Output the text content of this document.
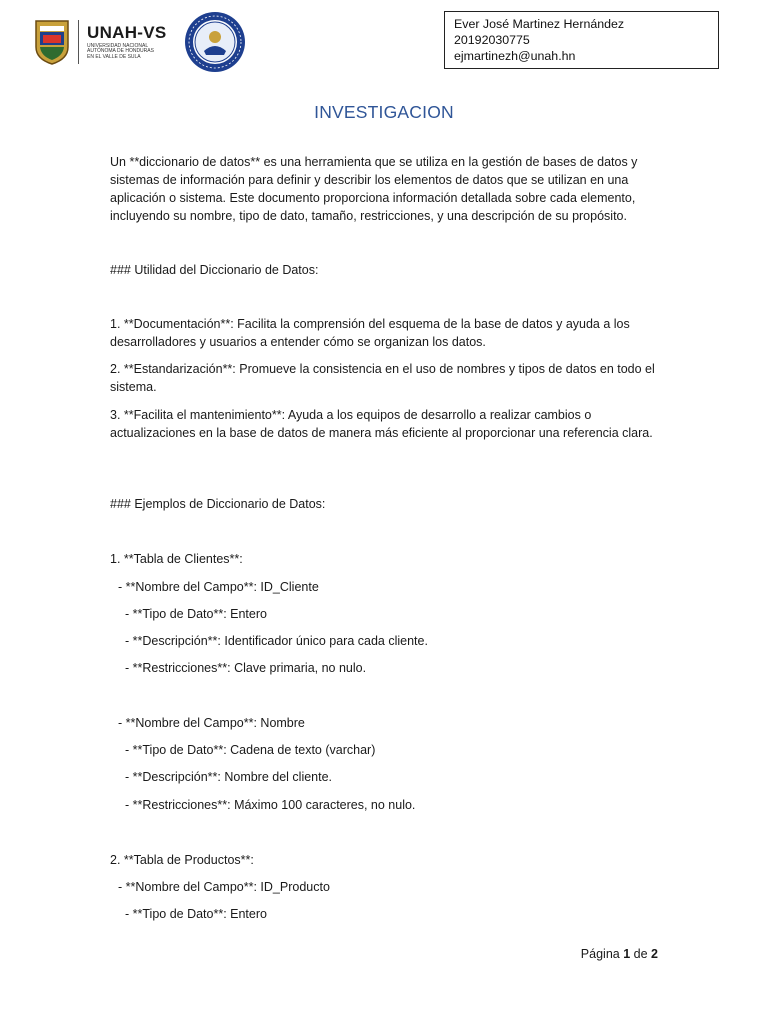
UNAH-VS
UNIVERSIDAD NACIONAL AUTÓNOMA DE HONDURAS EN EL VALLE DE SULA
Ever José Martinez Hernández
20192030775
ejmartinezh@unah.hn
INVESTIGACION
Un **diccionario de datos** es una herramienta que se utiliza en la gestión de bases de datos y sistemas de información para definir y describir los elementos de datos que se utilizan en una aplicación o sistema. Este documento proporciona información detallada sobre cada elemento, incluyendo su nombre, tipo de dato, tamaño, restricciones, y una descripción de su propósito.
### Utilidad del Diccionario de Datos:
1. **Documentación**: Facilita la comprensión del esquema de la base de datos y ayuda a los desarrolladores y usuarios a entender cómo se organizan los datos.
2. **Estandarización**: Promueve la consistencia en el uso de nombres y tipos de datos en todo el sistema.
3. **Facilita el mantenimiento**: Ayuda a los equipos de desarrollo a realizar cambios o actualizaciones en la base de datos de manera más eficiente al proporcionar una referencia clara.
### Ejemplos de Diccionario de Datos:
1. **Tabla de Clientes**:
- **Nombre del Campo**: ID_Cliente
- **Tipo de Dato**: Entero
- **Descripción**: Identificador único para cada cliente.
- **Restricciones**: Clave primaria, no nulo.
- **Nombre del Campo**: Nombre
- **Tipo de Dato**: Cadena de texto (varchar)
- **Descripción**: Nombre del cliente.
- **Restricciones**: Máximo 100 caracteres, no nulo.
2. **Tabla de Productos**:
- **Nombre del Campo**: ID_Producto
- **Tipo de Dato**: Entero
Página 1 de 2
